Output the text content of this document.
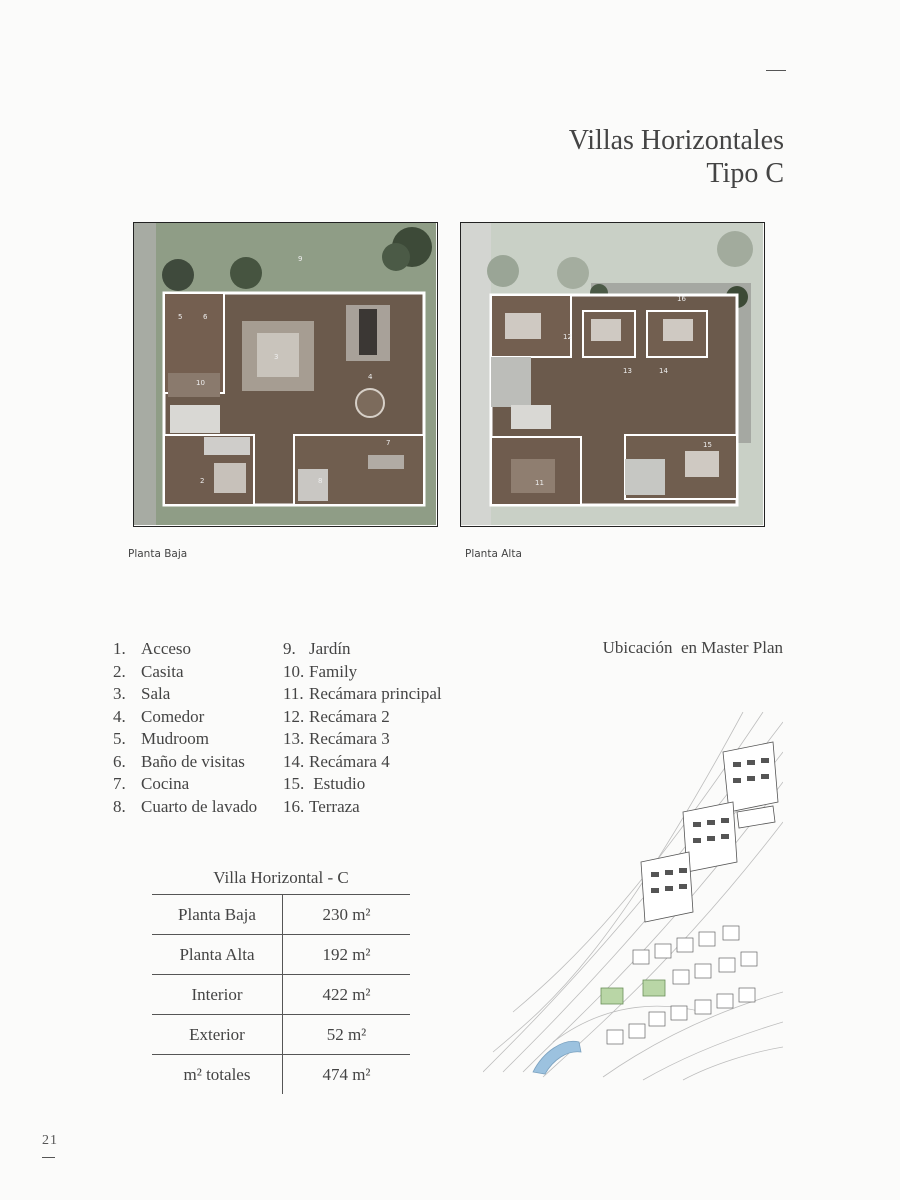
Villas Horizontales
Tipo C
9
5	6
3
4
10
7
2	8
Planta Baja
16
12
13	14
11
15
Planta Alta
1. Acceso
2. Casita
3. Sala
4. Comedor
5. Mudroom
6. Baño de visitas
7. Cocina
8. Cuarto de lavado
9. Jardín
10. Family
11. Recámara principal
12. Recámara 2
13. Recámara 3
14. Recámara 4
15. Estudio
16. Terraza
Ubicación  en Master Plan
Villa Horizontal - C
Planta Baja	230 m²
Planta Alta	192 m²
Interior	422 m²
Exterior	52 m²
m² totales	474 m²
21
